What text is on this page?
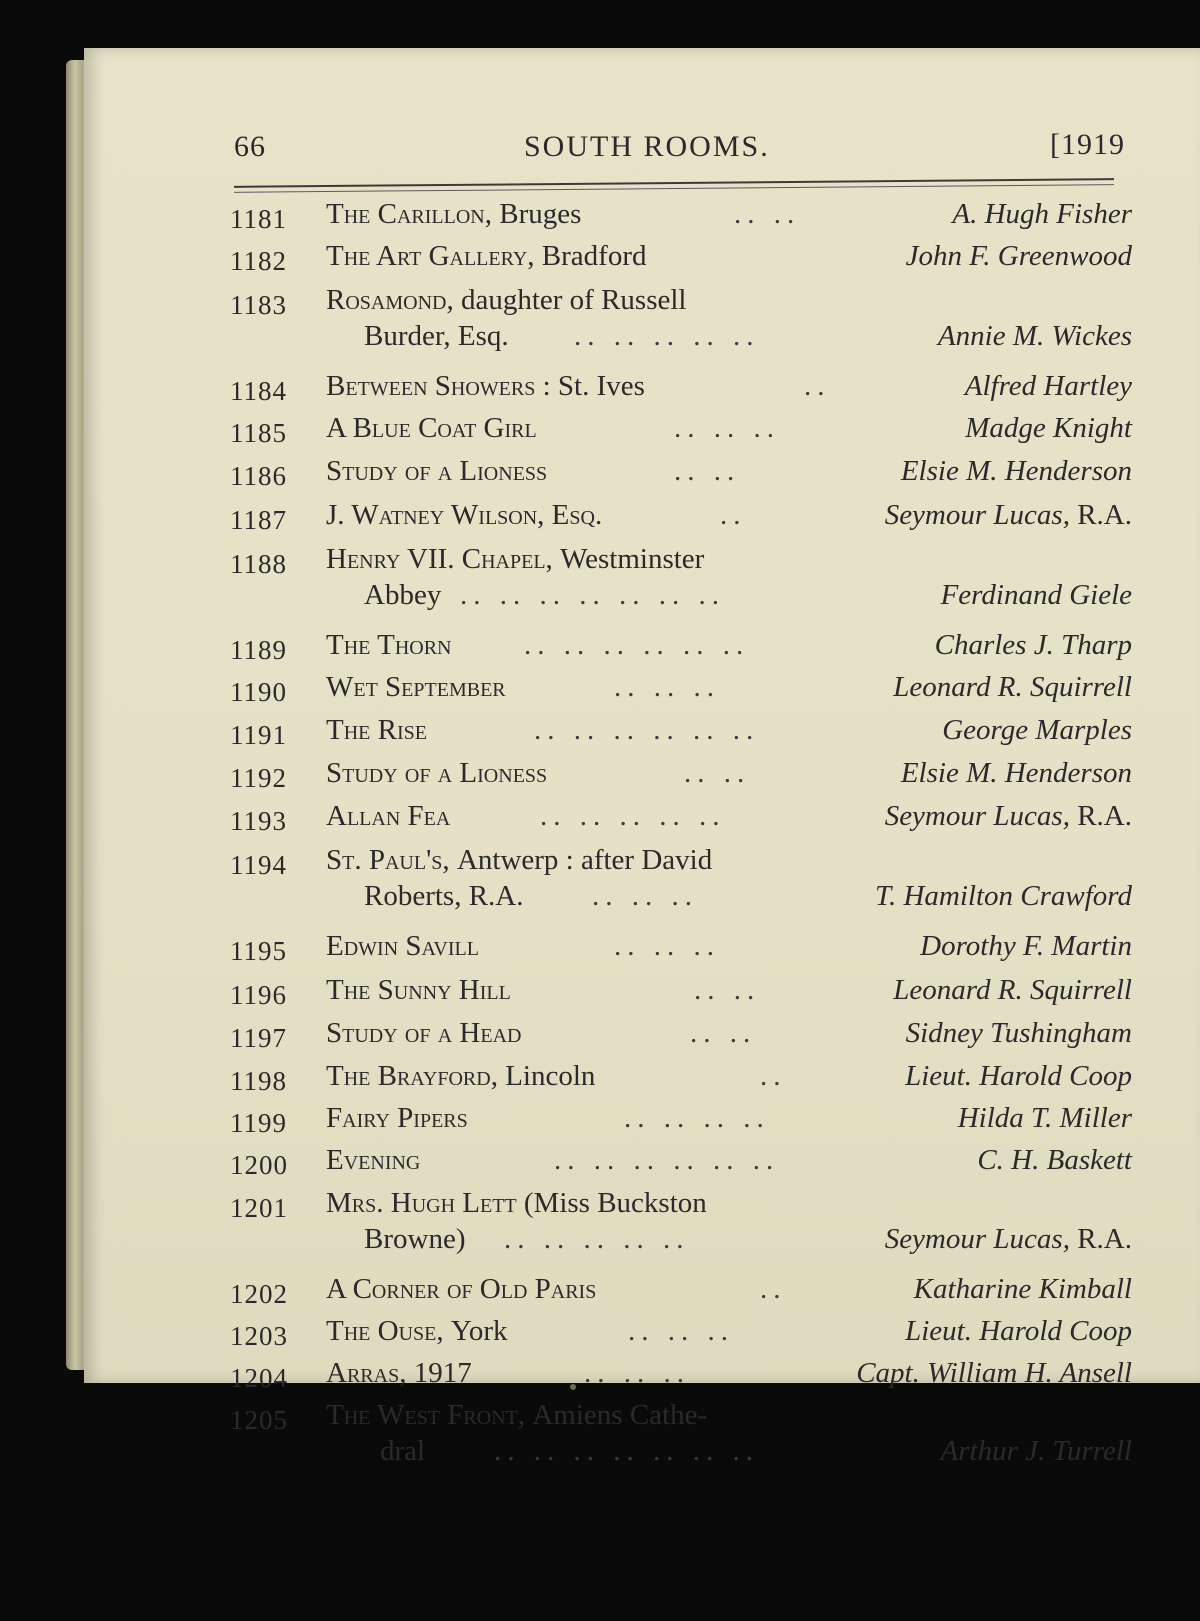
66	SOUTH ROOMS.	[1919
1181	The Carillon, Bruges	.. ..	A. Hugh Fisher
1182	The Art Gallery, Bradford	John F. Greenwood
1183	Rosamond, daughter of Russell
Burder, Esq. .. .. .. .. ..	Annie M. Wickes
1184	Between Showers : St. Ives	..	Alfred Hartley
1185	A Blue Coat Girl	.. .. ..	Madge Knight
1186	Study of a Lioness	.. ..	Elsie M. Henderson
1187	J. Watney Wilson, Esq.	..	Seymour Lucas, R.A.
1188	Henry VII. Chapel, Westminster
Abbey .. .. .. .. .. .. ..	Ferdinand Giele
1189	The Thorn	.. .. .. .. .. ..	Charles J. Tharp
1190	Wet September	.. .. ..	Leonard R. Squirrell
1191	The Rise	.. .. .. .. .. ..	George Marples
1192	Study of a Lioness	.. ..	Elsie M. Henderson
1193	Allan Fea	.. .. .. .. ..	Seymour Lucas, R.A.
1194	St. Paul's, Antwerp : after David
Roberts, R.A. .. .. ..	T. Hamilton Crawford
1195	Edwin Savill	.. .. ..	Dorothy F. Martin
1196	The Sunny Hill	.. ..	Leonard R. Squirrell
1197	Study of a Head	.. ..	Sidney Tushingham
1198	The Brayford, Lincoln	..	Lieut. Harold Coop
1199	Fairy Pipers	.. .. .. ..	Hilda T. Miller
1200	Evening	.. .. .. .. .. ..	C. H. Baskett
1201	Mrs. Hugh Lett (Miss Buckston
Browne) .. .. .. .. ..	Seymour Lucas, R.A.
1202	A Corner of Old Paris	..	Katharine Kimball
1203	The Ouse, York	.. .. ..	Lieut. Harold Coop
1204	Arras, 1917	.. .. ..	Capt. William H. Ansell
1205	The West Front, Amiens Cathe-
dral .. .. .. .. .. .. ..	Arthur J. Turrell
